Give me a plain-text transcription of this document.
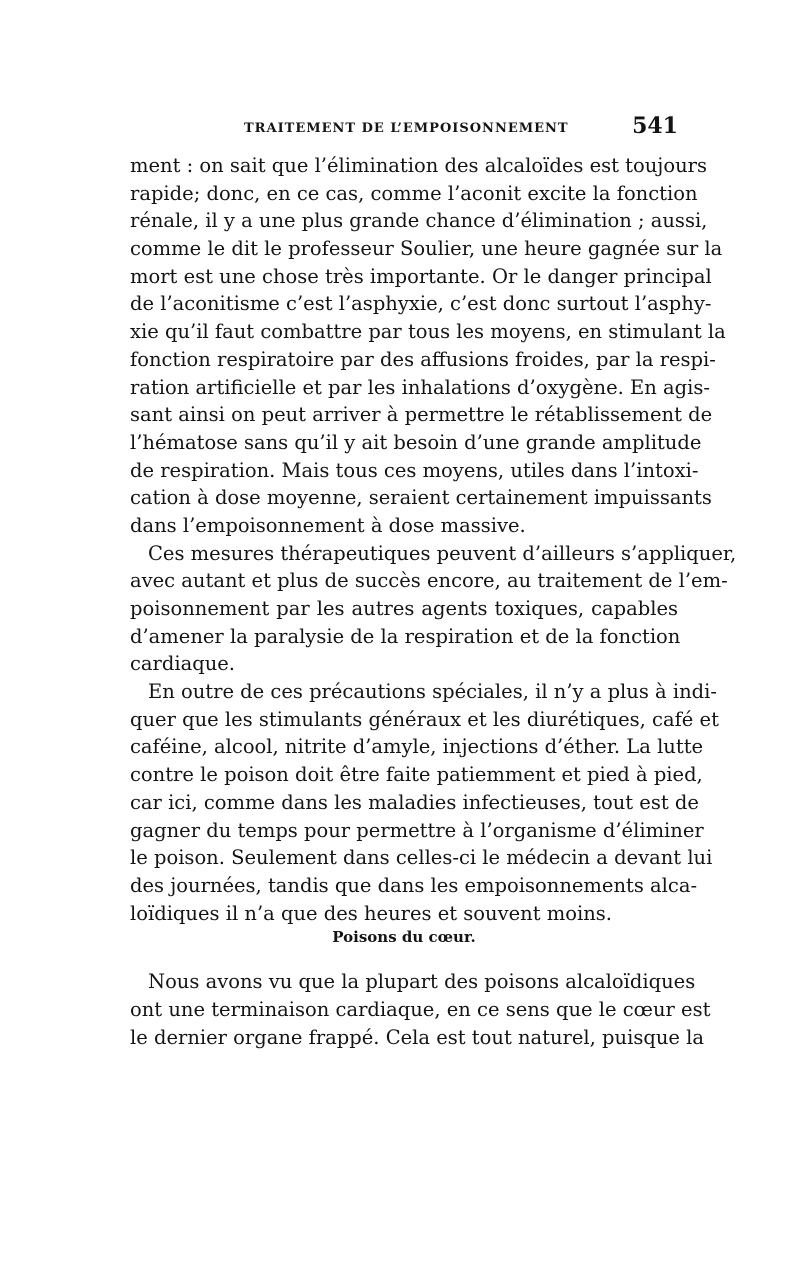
TRAITEMENT DE L’EMPOISONNEMENT	541
ment : on sait que l’élimination des alcaloïdes est toujours
rapide; donc, en ce cas, comme l’aconit excite la fonction
rénale, il y a une plus grande chance d’élimination ; aussi,
comme le dit le professeur Soulier, une heure gagnée sur la
mort est une chose très importante. Or le danger principal
de l’aconitisme c’est l’asphyxie, c’est donc surtout l’asphy-
xie qu’il faut combattre par tous les moyens, en stimulant la
fonction respiratoire par des affusions froides, par la respi-
ration artificielle et par les inhalations d’oxygène. En agis-
sant ainsi on peut arriver à permettre le rétablissement de
l’hématose sans qu’il y ait besoin d’une grande amplitude
de respiration. Mais tous ces moyens, utiles dans l’intoxi-
cation à dose moyenne, seraient certainement impuissants
dans l’empoisonnement à dose massive.
Ces mesures thérapeutiques peuvent d’ailleurs s’appliquer,
avec autant et plus de succès encore, au traitement de l’em-
poisonnement par les autres agents toxiques, capables
d’amener la paralysie de la respiration et de la fonction
cardiaque.
En outre de ces précautions spéciales, il n’y a plus à indi-
quer que les stimulants généraux et les diurétiques, café et
caféine, alcool, nitrite d’amyle, injections d’éther. La lutte
contre le poison doit être faite patiemment et pied à pied,
car ici, comme dans les maladies infectieuses, tout est de
gagner du temps pour permettre à l’organisme d’éliminer
le poison. Seulement dans celles-ci le médecin a devant lui
des journées, tandis que dans les empoisonnements alca-
loïdiques il n’a que des heures et souvent moins.
Poisons du cœur.
Nous avons vu que la plupart des poisons alcaloïdiques
ont une terminaison cardiaque, en ce sens que le cœur est
le dernier organe frappé. Cela est tout naturel, puisque la
